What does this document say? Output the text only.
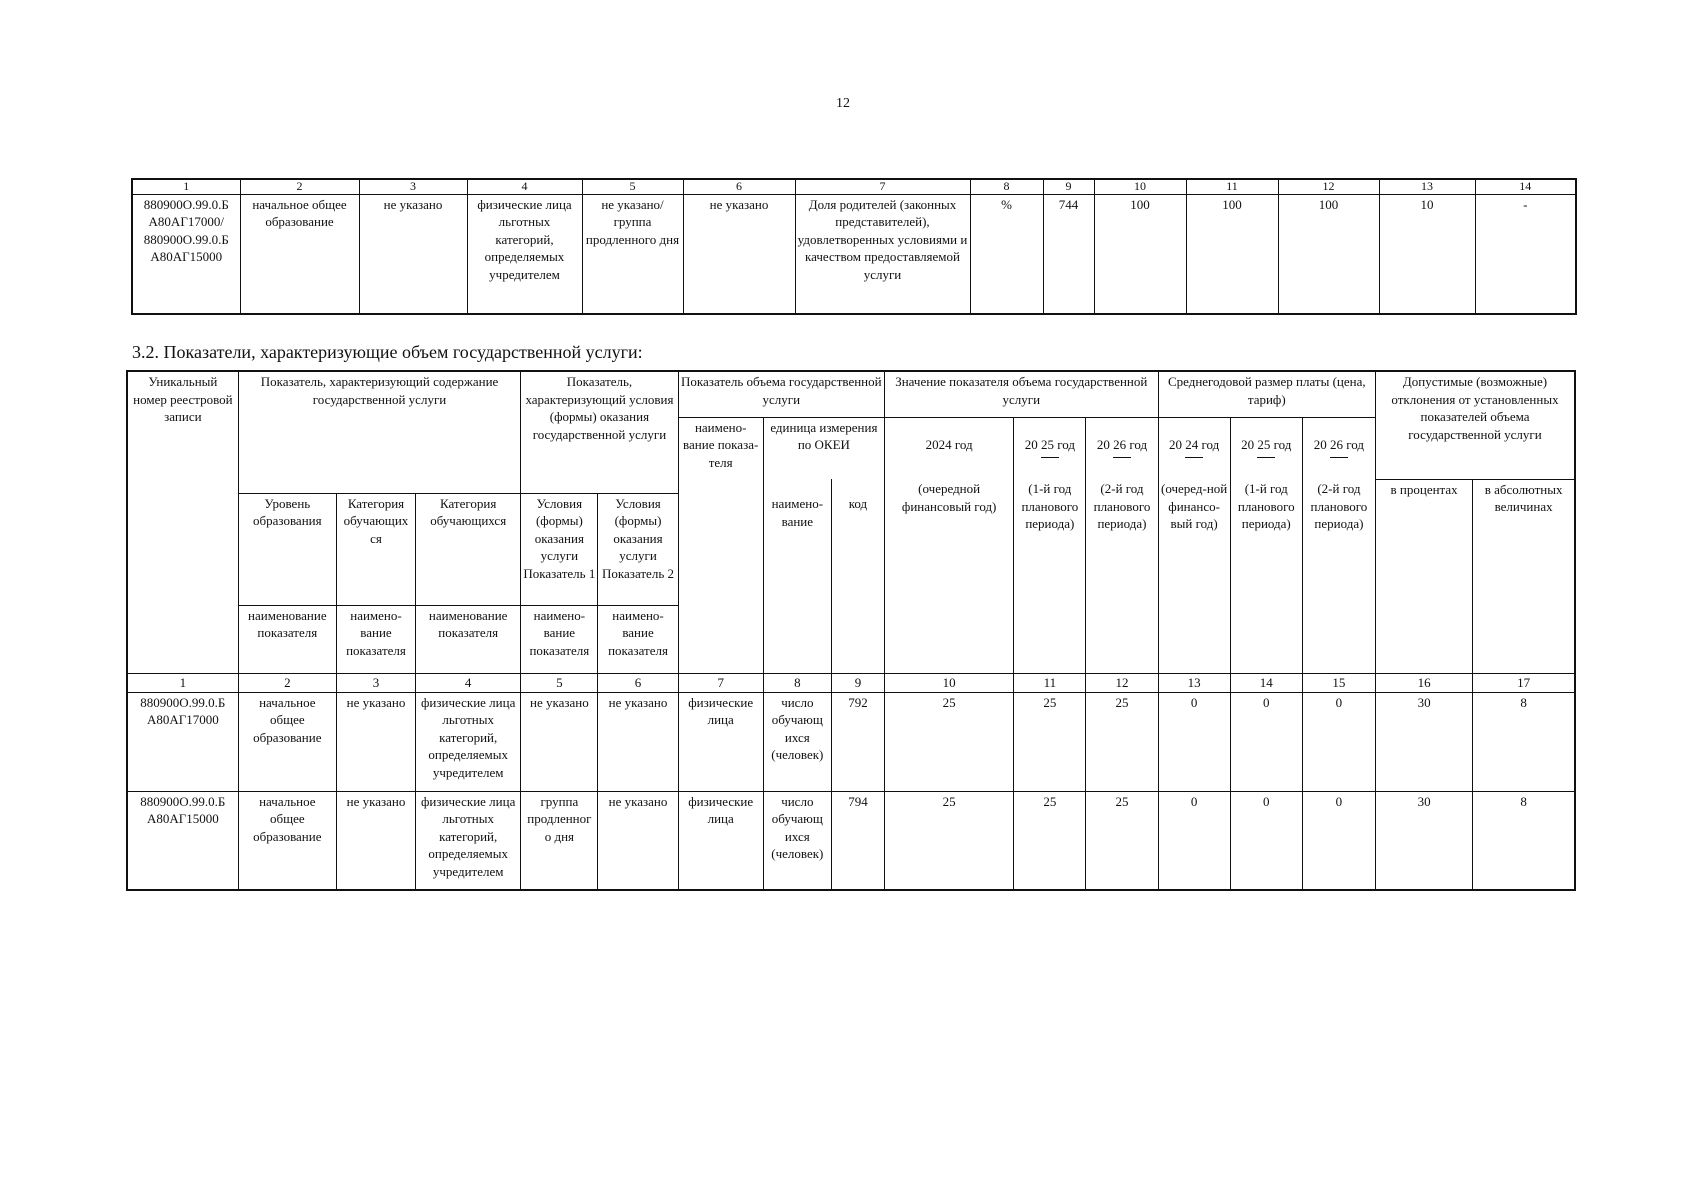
12
1	2	3	4	5	6	7	8	9	10	11	12	13	14
880900О.99.0.Б А80АГ17000/ 880900О.99.0.Б А80АГ15000	начальное общее образование	не указано	физические лица льготных категорий, определяемых учредителем	не указано/ группа продленного дня	не указано	Доля родителей (законных представителей), удовлетворенных условиями и качеством предоставляемой услуги	%	744	100	100	100	10	-
3.2. Показатели, характеризующие объем государственной услуги:
Уникальный номер реестровой записи	Показатель, характеризующий содержание государственной услуги			Показатель, характеризующий условия (формы) оказания государственной услуги		Показатель объема государственной услуги			Значение показателя объема государственной услуги			Среднегодовой размер платы (цена, тариф)			Допустимые (возможные) отклонения от установленных показателей объема государственной услуги	
						наимено-вание показа-теля	единица измерения по ОКЕИ		2024 год	20 25 год	20 26 год	20 24 год	20 25 год	20 26 год		

							наимено-вание	код	(очередной финансовый год)	(1-й год планового периода)	(2-й год планового периода)	(очеред-ной финансо-вый год)	(1-й год планового периода)	(2-й год планового периода)	в процентах	в абсолютных величинах
	Уровень образования	Категория обучающих ся	Категория обучающихся	Условия (формы) оказания услуги Показатель 1	Условия (формы) оказания услуги Показатель 2											
	наименование показателя	наимено-вание показателя	наименование показателя	наимено-вание показателя	наимено-вание показателя											
1	2	3	4	5	6	7	8	9	10	11	12	13	14	15	16	17
880900О.99.0.Б А80АГ17000	начальное общее образование	не указано	физические лица льготных категорий, определяемых учредителем	не указано	не указано	физические лица	число обучающ ихся (человек)	792	25	25	25	0	0	0	30	8
880900О.99.0.Б А80АГ15000	начальное общее образование	не указано	физические лица льготных категорий, определяемых учредителем	группа продленног о дня	не указано	физические лица	число обучающ ихся (человек)	794	25	25	25	0	0	0	30	8
